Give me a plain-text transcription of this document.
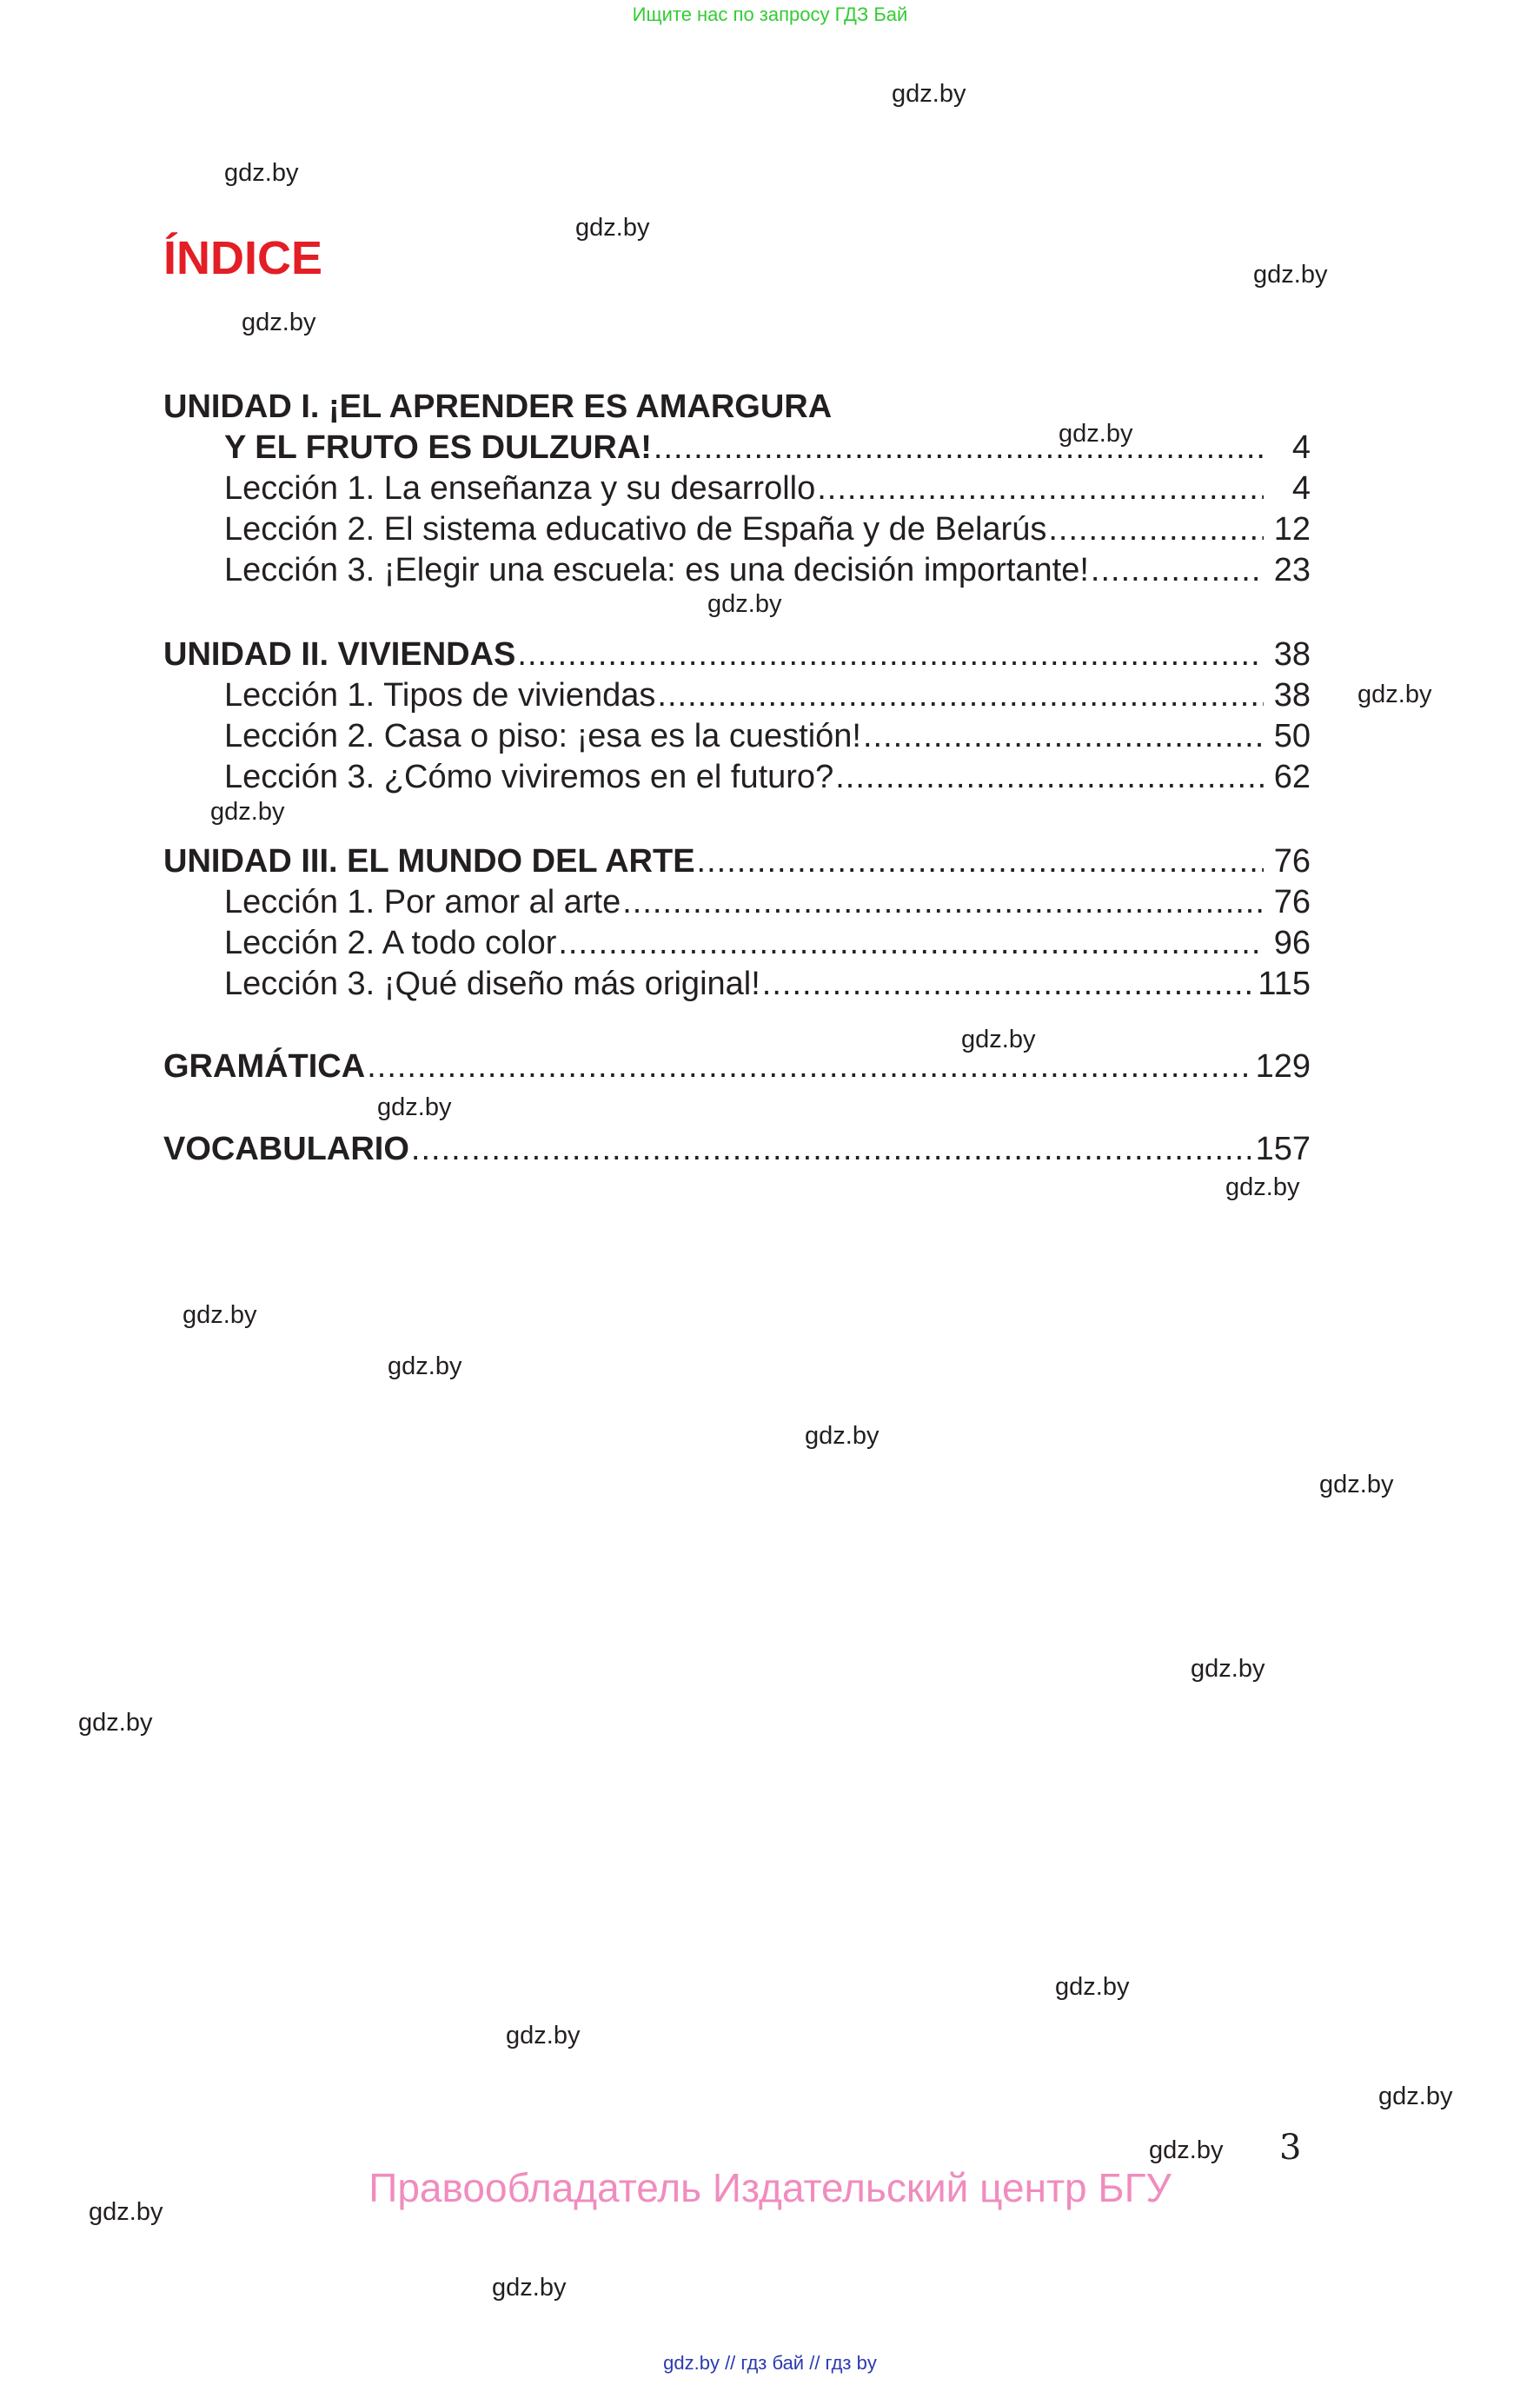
Ищите нас по запросу ГДЗ Бай
ÍNDICE
UNIDAD I. ¡EL APRENDER ES AMARGURA
Y EL FRUTO ES DULZURA! .....	4
Lección 1. La enseñanza y su desarrollo .....	4
Lección 2. El sistema educativo de España y de Belarús .....	12
Lección 3. ¡Elegir una escuela: es una decisión importante! .....	23
UNIDAD II. VIVIENDAS .....	38
Lección 1. Tipos de viviendas .....	38
Lección 2. Casa o piso: ¡esa es la cuestión! .....	50
Lección 3. ¿Cómo viviremos en el futuro? .....	62
UNIDAD III. EL MUNDO DEL ARTE .....	76
Lección 1. Por amor al arte .....	76
Lección 2. A todo color .....	96
Lección 3. ¡Qué diseño más original! .....	115
GRAMÁTICA .....	129
VOCABULARIO .....	157
gdz.by
gdz.by
gdz.by
gdz.by
gdz.by
gdz.by
gdz.by
gdz.by
gdz.by
gdz.by
gdz.by
gdz.by
gdz.by
gdz.by
gdz.by
gdz.by
gdz.by
gdz.by
gdz.by
gdz.by
gdz.by
gdz.by
gdz.by
gdz.by
3
Правообладатель Издательский центр БГУ
gdz.by // гдз бай // гдз by
